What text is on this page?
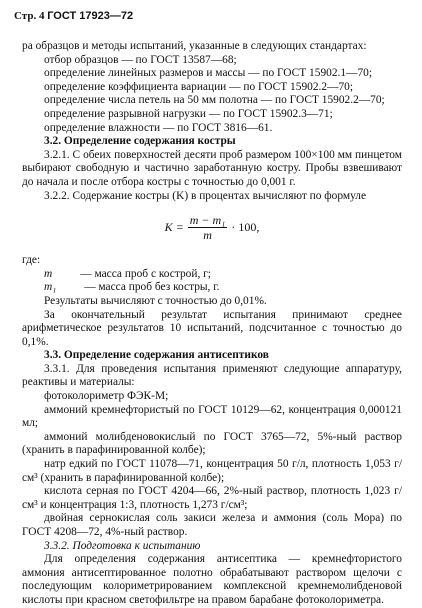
Стр. 4 ГОСТ 17923—72

ра образцов и методы испытаний, указанные в следующих стандартах:

отбор образцов — по ГОСТ 13587—68;

определение линейных размеров и массы — по ГОСТ 15902.1—70;

определение коэффициента вариации — по ГОСТ 15902.2—70;

определение числа петель на 50 мм полотна — по ГОСТ 15902.2—70;

определение разрывной нагрузки — по ГОСТ 15902.3—71;

определение влажности — по ГОСТ 3816—61.

3.2. Определение содержания костры

3.2.1. С обеих поверхностей десяти проб размером 100×100 мм пинцетом выбирают свободную и частично заработанную костру. Пробы взвешивают до начала и после отбора костры с точностью до 0,001 г.

3.2.2. Содержание костры (K) в процентах вычисляют по формуле

$K = \frac{\text{m − m₁}}{m} \cdot 100$,

где:

m	— масса проб с кострой, г;
m₁	— масса проб без костры, г.

Результаты вычисляют с точностью до 0,01%.

За окончательный результат испытания принимают среднее арифметическое результатов 10 испытаний, подсчитанное с точностью до 0,1%.

3.3. Определение содержания антисептиков

3.3.1. Для проведения испытания применяют следующие аппаратуру, реактивы и материалы:

фотоколориметр ФЭК-М;

аммоний кремнефтористый по ГОСТ 10129—62, концентрация 0,000121 мл;

аммоний молибденовокислый по ГОСТ 3765—72, 5%-ный раствор (хранить в парафинированной колбе);

натр едкий по ГОСТ 11078—71, концентрация 50 г/л, плотность 1,053 г/см³ (хранить в парафинированной колбе);

кислота серная по ГОСТ 4204—66, 2%-ный раствор, плотность 1,023 г/см³ и концентрация 1:3, плотность 1,273 г/см³;

двойная сернокислая соль закиси железа и аммония (соль Мора) по ГОСТ 4208—72, 4%-ный раствор.

3.3.2. Подготовка к испытанию

Для определения содержания антисептика — кремнефтористого аммония антисептированное полотно обрабатывают раствором щелочи с последующим колориметрированием комплексной кремнемолибденовой кислоты при красном светофильтре на правом барабане фотоколориметра.
